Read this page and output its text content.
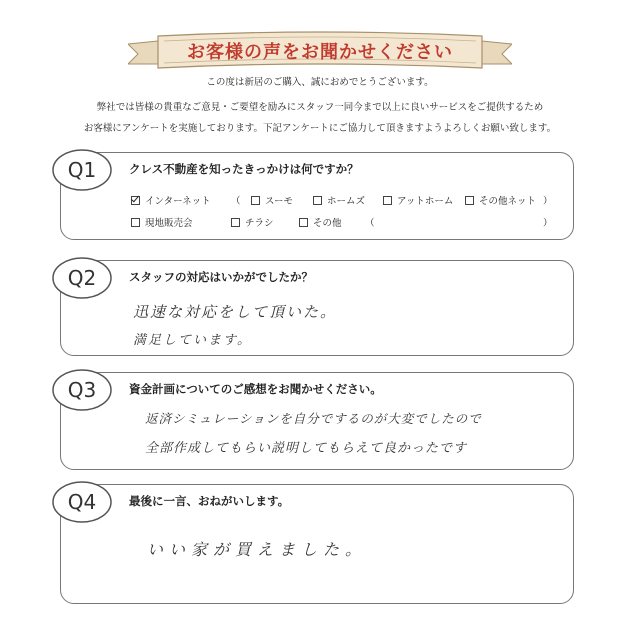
お客様の声をお聞かせください
この度は新居のご購入、誠におめでとうございます。
弊社では皆様の貴重なご意見・ご要望を励みにスタッフ一同今まで以上に良いサービスをご提供するため
お客様にアンケートを実施しております。下記アンケートにご協力して頂きますようよろしくお願い致します。
Q1	クレス不動産を知ったきっかけは何ですか？
インターネット （	スーモ	ホームズ	アットホーム	その他ネット ）
現地販売会	チラシ	その他 （	）
Q2	スタッフの対応はいかがでしたか？
迅速な対応をして頂いた。
満足しています。
Q3	資金計画についてのご感想をお聞かせください。
返済シミュレーションを自分でするのが大変でしたので
全部作成してもらい説明してもらえて良かったです
Q4	最後に一言、おねがいします。
いい家が買えました。
